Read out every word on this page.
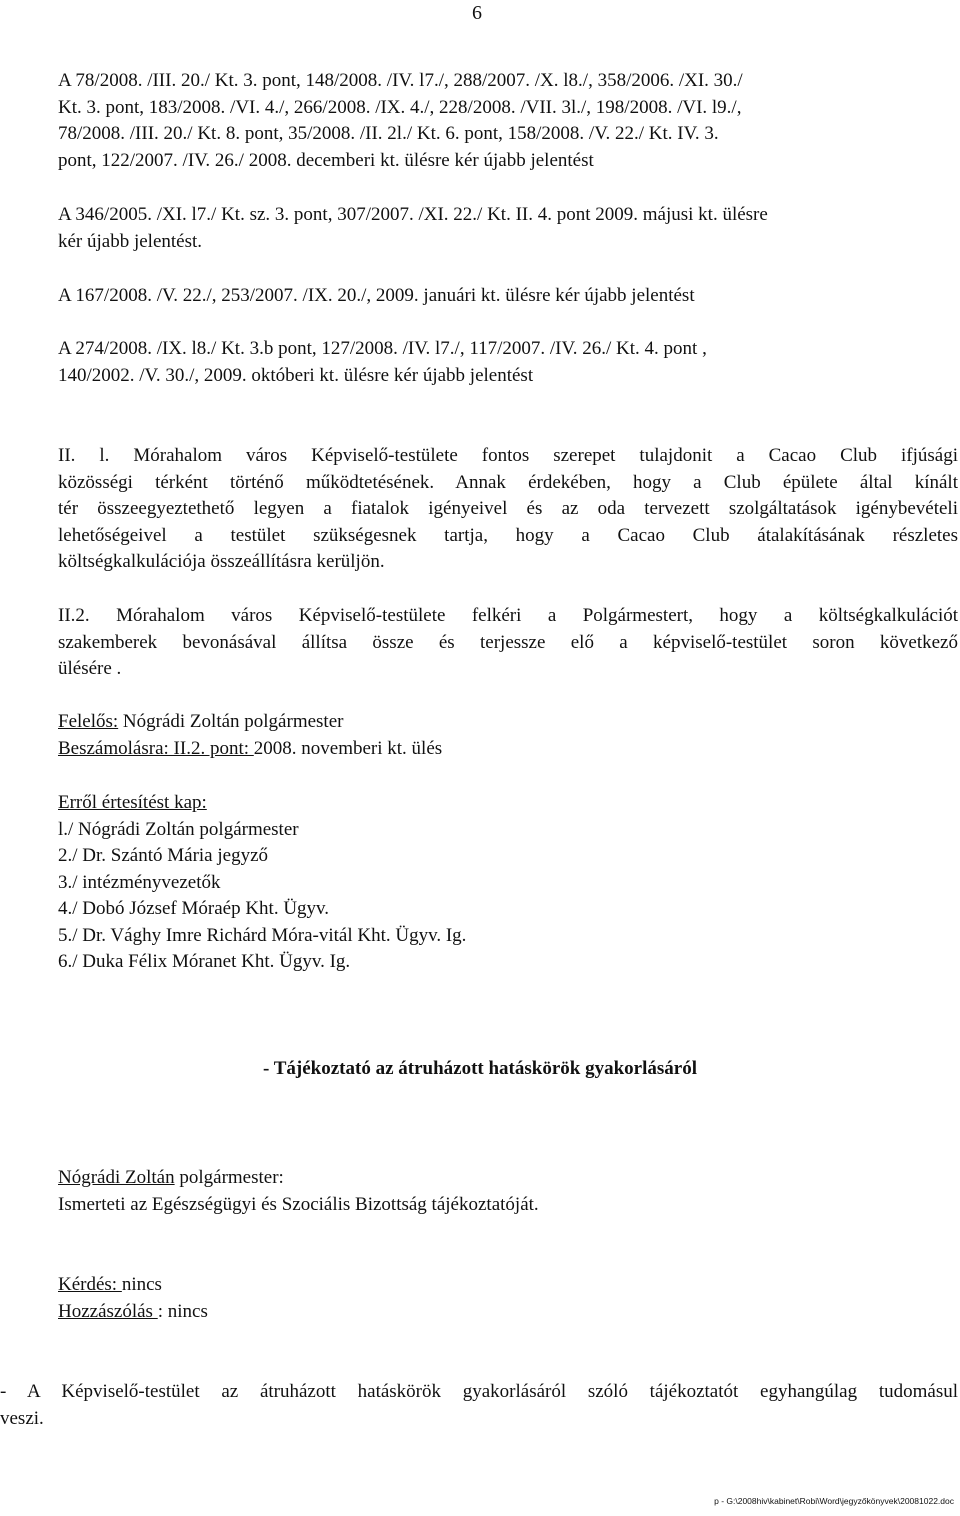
6
A 78/2008. /III. 20./ Kt. 3. pont, 148/2008. /IV. l7./, 288/2007. /X. l8./, 358/2006. /XI. 30./
Kt. 3. pont, 183/2008. /VI. 4./, 266/2008. /IX. 4./, 228/2008. /VII. 3l./, 198/2008. /VI. l9./,
78/2008. /III. 20./ Kt. 8. pont, 35/2008. /II. 2l./ Kt. 6. pont, 158/2008. /V. 22./ Kt. IV. 3.
pont, 122/2007. /IV. 26./ 2008. decemberi kt. ülésre kér újabb jelentést
A 346/2005. /XI. l7./ Kt. sz. 3. pont, 307/2007. /XI. 22./ Kt. II. 4. pont 2009. májusi kt. ülésre
kér újabb jelentést.
A 167/2008. /V. 22./, 253/2007. /IX. 20./, 2009. januári kt. ülésre kér újabb jelentést
A 274/2008. /IX. l8./ Kt. 3.b pont, 127/2008. /IV. l7./, 117/2007. /IV. 26./ Kt. 4. pont ,
140/2002. /V. 30./, 2009. októberi kt. ülésre kér újabb jelentést
II. l. Mórahalom város Képviselő-testülete fontos szerepet tulajdonit a Cacao Club ifjúsági
közösségi térként történő működtetésének. Annak érdekében, hogy a Club épülete által kínált
tér összeegyeztethető legyen a fiatalok igényeivel és az oda tervezett szolgáltatások igénybevételi
lehetőségeivel a testület szükségesnek tartja, hogy a Cacao Club átalakításának részletes
költségkalkulációja összeállításra kerüljön.
II.2. Mórahalom város Képviselő-testülete felkéri a Polgármestert, hogy a költségkalkulációt
szakemberek bevonásával állítsa össze és terjessze elő a képviselő-testület soron következő
ülésére .
Felelős: Nógrádi Zoltán polgármester
Beszámolásra: II.2. pont: 2008. novemberi kt. ülés
Erről értesítést kap:
l./ Nógrádi Zoltán polgármester
2./ Dr. Szántó Mária jegyző
3./ intézményvezetők
4./ Dobó József Móraép Kht. Ügyv.
5./ Dr. Vághy Imre Richárd Móra-vitál Kht. Ügyv. Ig.
6./ Duka Félix Móranet Kht. Ügyv. Ig.
- Tájékoztató az átruházott hatáskörök gyakorlásáról
Nógrádi Zoltán polgármester:
Ismerteti az Egészségügyi és Szociális Bizottság tájékoztatóját.
Kérdés: nincs
Hozzászólás : nincs
- A Képviselő-testület az átruházott hatáskörök gyakorlásáról szóló tájékoztatót egyhangúlag tudomásul
veszi.
p - G:\2008hiv\kabinet\Robi\Word\jegyzőkönyvek\20081022.doc
